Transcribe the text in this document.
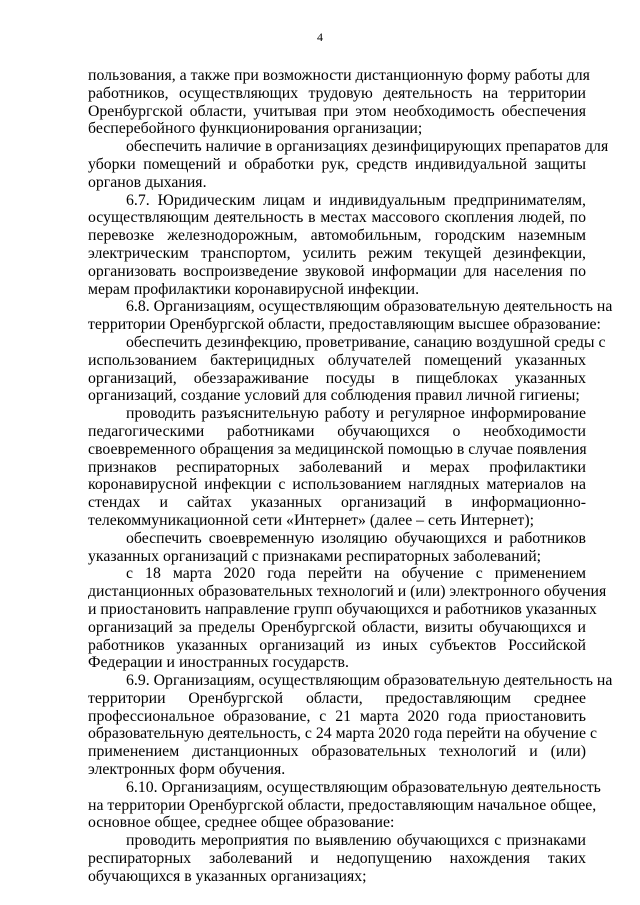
4
пользования, а также при возможности дистанционную форму работы для
работников, осуществляющих трудовую деятельность на территории
Оренбургской области, учитывая при этом необходимость обеспечения
бесперебойного функционирования организации;
обеспечить наличие в организациях дезинфицирующих препаратов для
уборки помещений и обработки рук, средств индивидуальной защиты
органов дыхания.
6.7. Юридическим лицам и индивидуальным предпринимателям,
осуществляющим деятельность в местах массового скопления людей, по
перевозке железнодорожным, автомобильным, городским наземным
электрическим транспортом, усилить режим текущей дезинфекции,
организовать воспроизведение звуковой информации для населения по
мерам профилактики коронавирусной инфекции.
6.8. Организациям, осуществляющим образовательную деятельность на
территории Оренбургской области, предоставляющим высшее образование:
обеспечить дезинфекцию, проветривание, санацию воздушной среды с
использованием бактерицидных облучателей помещений указанных
организаций, обеззараживание посуды в пищеблоках указанных
организаций, создание условий для соблюдения правил личной гигиены;
проводить разъяснительную работу и регулярное информирование
педагогическими работниками обучающихся о необходимости
своевременного обращения за медицинской помощью в случае появления
признаков респираторных заболеваний и мерах профилактики
коронавирусной инфекции с использованием наглядных материалов на
стендах и сайтах указанных организаций в информационно-
телекоммуникационной сети «Интернет» (далее – сеть Интернет);
обеспечить своевременную изоляцию обучающихся и работников
указанных организаций с признаками респираторных заболеваний;
с 18 марта 2020 года перейти на обучение с применением
дистанционных образовательных технологий и (или) электронного обучения
и приостановить направление групп обучающихся и работников указанных
организаций за пределы Оренбургской области, визиты обучающихся и
работников указанных организаций из иных субъектов Российской
Федерации и иностранных государств.
6.9. Организациям, осуществляющим образовательную деятельность на
территории Оренбургской области, предоставляющим среднее
профессиональное образование, с 21 марта 2020 года приостановить
образовательную деятельность, с 24 марта 2020 года перейти на обучение с
применением дистанционных образовательных технологий и (или)
электронных форм обучения.
6.10. Организациям, осуществляющим образовательную деятельность
на территории Оренбургской области, предоставляющим начальное общее,
основное общее, среднее общее образование:
проводить мероприятия по выявлению обучающихся с признаками
респираторных заболеваний и недопущению нахождения таких
обучающихся в указанных организациях;
